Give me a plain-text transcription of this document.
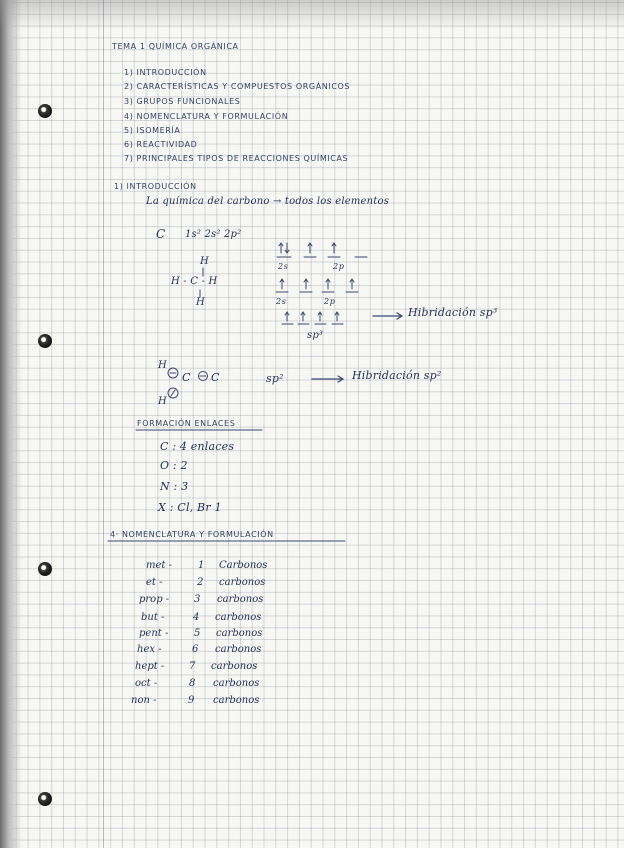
TEMA 1 QUÍMICA ORGÁNICA
1) INTRODUCCIÓN
2) CARACTERÍSTICAS Y COMPUESTOS ORGÁNICOS
3) GRUPOS FUNCIONALES
4) NOMENCLATURA Y FORMULACIÓN
5) ISOMERÍA
6) REACTIVIDAD
7) PRINCIPALES TIPOS DE REACCIONES QUÍMICAS
1) INTRODUCCIÓN
La química del carbono → todos los elementos
C 1s² 2s² 2p²
H
H - C - H
H
2s	2p
2s	2p
sp³
Hibridación sp³
H
H
C C	sp²	Hibridación sp²
FORMACIÓN ENLACES
C : 4 enlaces
O : 2
N : 3
X : Cl, Br 1
4· NOMENCLATURA Y FORMULACIÓN
met -	1 Carbonos
et -	2 carbonos
prop - 3 carbonos
but -	4 carbonos
pent -	5 carbonos
hex -	6 carbonos
hept - 7 carbonos
oct -	8 carbonos
non -	9 carbonos
